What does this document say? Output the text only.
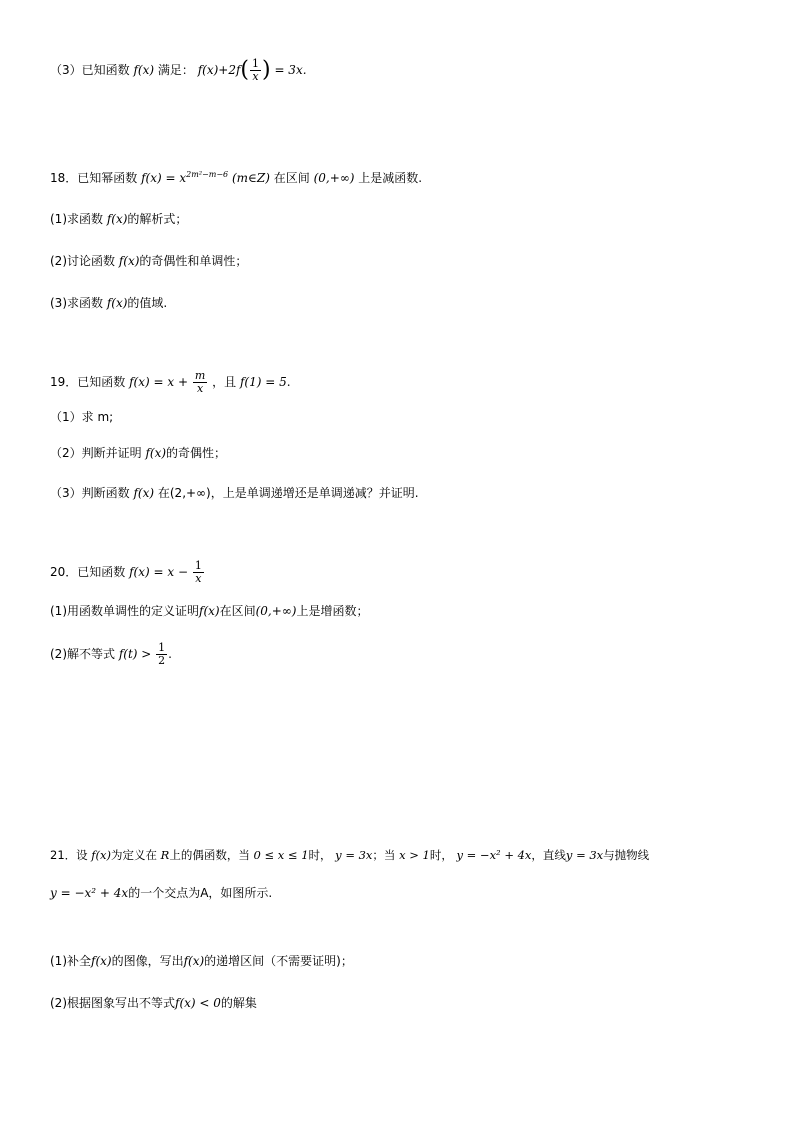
（3）已知函数 f(x) 满足： $f(x)+2f( \frac{1}{x}$ ) = 3x.
18．已知幂函数 $f(x) = x^{2m^2-m-6}$ (m∈Z) 在区间 (0,+∞) 上是减函数.
(1)求函数 f(x)的解析式；
(2)讨论函数 f(x)的奇偶性和单调性；
(3)求函数 f(x)的值域.
19．已知函数 $f(x) = x + \frac{m}{x}$ ，且 f(1) = 5.
（1）求 m;
（2）判断并证明 f(x)的奇偶性；
（3）判断函数 f(x) 在(2,+∞)，上是单调递增还是单调递减？并证明.
20．已知函数 $f(x) = x - \frac{1}{x}$
(1)用函数单调性的定义证明f(x)在区间(0,+∞)上是增函数；
(2)解不等式 $f(t) > \frac{1}{2}$ .
21．设 f(x)为定义在 R上的偶函数，当 0 ≤ x ≤ 1时， y = 3x；当 x > 1时， y = −x² + 4x，直线y = 3x与抛物线
y = −x² + 4x的一个交点为A，如图所示.
(1)补全f(x)的图像，写出f(x)的递增区间（不需要证明)；
(2)根据图象写出不等式f(x) < 0的解集
